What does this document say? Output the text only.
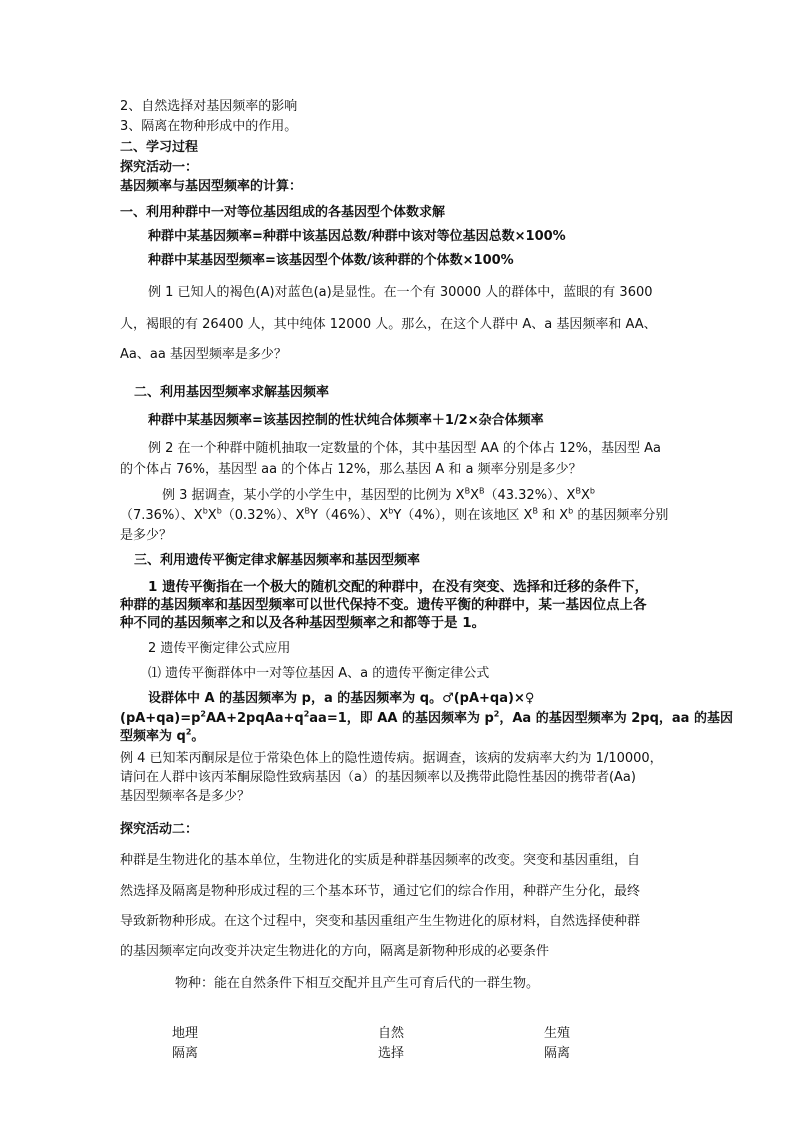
2、自然选择对基因频率的影响
3、隔离在物种形成中的作用。
二、学习过程
探究活动一：
基因频率与基因型频率的计算：
一、利用种群中一对等位基因组成的各基因型个体数求解
种群中某基因频率=种群中该基因总数/种群中该对等位基因总数×100%
种群中某基因型频率=该基因型个体数/该种群的个体数×100%
例 1 已知人的褐色(A)对蓝色(a)是显性。在一个有 30000 人的群体中，蓝眼的有 3600
人，褐眼的有 26400 人，其中纯体 12000 人。那么，在这个人群中 A、a 基因频率和 AA、
Aa、aa 基因型频率是多少？
二、利用基因型频率求解基因频率
种群中某基因频率=该基因控制的性状纯合体频率＋1/2×杂合体频率
例 2 在一个种群中随机抽取一定数量的个体，其中基因型 AA 的个体占 12%，基因型 Aa
的个体占 76%，基因型 aa 的个体占 12%，那么基因 A 和 a 频率分别是多少？
例 3 据调查，某小学的小学生中，基因型的比例为 $X^BX^B(43.32\%)$、$X^BX^b$
（7.36%）、$X^bX^b(0.32\%)$、$X^BY(46\%)$、$X^bY(4\%)$，则在该地区 $X^B$ 和 $X^b$ 的基因频率分别
是多少？
三、利用遗传平衡定律求解基因频率和基因型频率
1 遗传平衡指在一个极大的随机交配的种群中，在没有突变、选择和迁移的条件下，
种群的基因频率和基因型频率可以世代保持不变。遗传平衡的种群中，某一基因位点上各
种不同的基因频率之和以及各种基因型频率之和都等于是 1。
2 遗传平衡定律公式应用
⑴ 遗传平衡群体中一对等位基因 A、a 的遗传平衡定律公式
设群体中 A 的基因频率为 p，a 的基因频率为 q。♂(pA+qa)×♀
$(pA+qa)=p^2AA+2pqAa+q^2aa=1$，即 AA 的基因频率为 $p^2$，Aa 的基因型频率为 2pq，aa 的基因
型频率为 $q^2$。
例 4 已知苯丙酮尿是位于常染色体上的隐性遗传病。据调查，该病的发病率大约为 1/10000，
请问在人群中该丙苯酮尿隐性致病基因（a）的基因频率以及携带此隐性基因的携带者(Aa)
基因型频率各是多少？
探究活动二：
种群是生物进化的基本单位，生物进化的实质是种群基因频率的改变。突变和基因重组，自
然选择及隔离是物种形成过程的三个基本环节，通过它们的综合作用，种群产生分化，最终
导致新物种形成。在这个过程中，突变和基因重组产生生物进化的原材料，自然选择使种群
的基因频率定向改变并决定生物进化的方向，隔离是新物种形成的必要条件
物种：能在自然条件下相互交配并且产生可育后代的一群生物。
地理
隔离
自然
选择
生殖
隔离
